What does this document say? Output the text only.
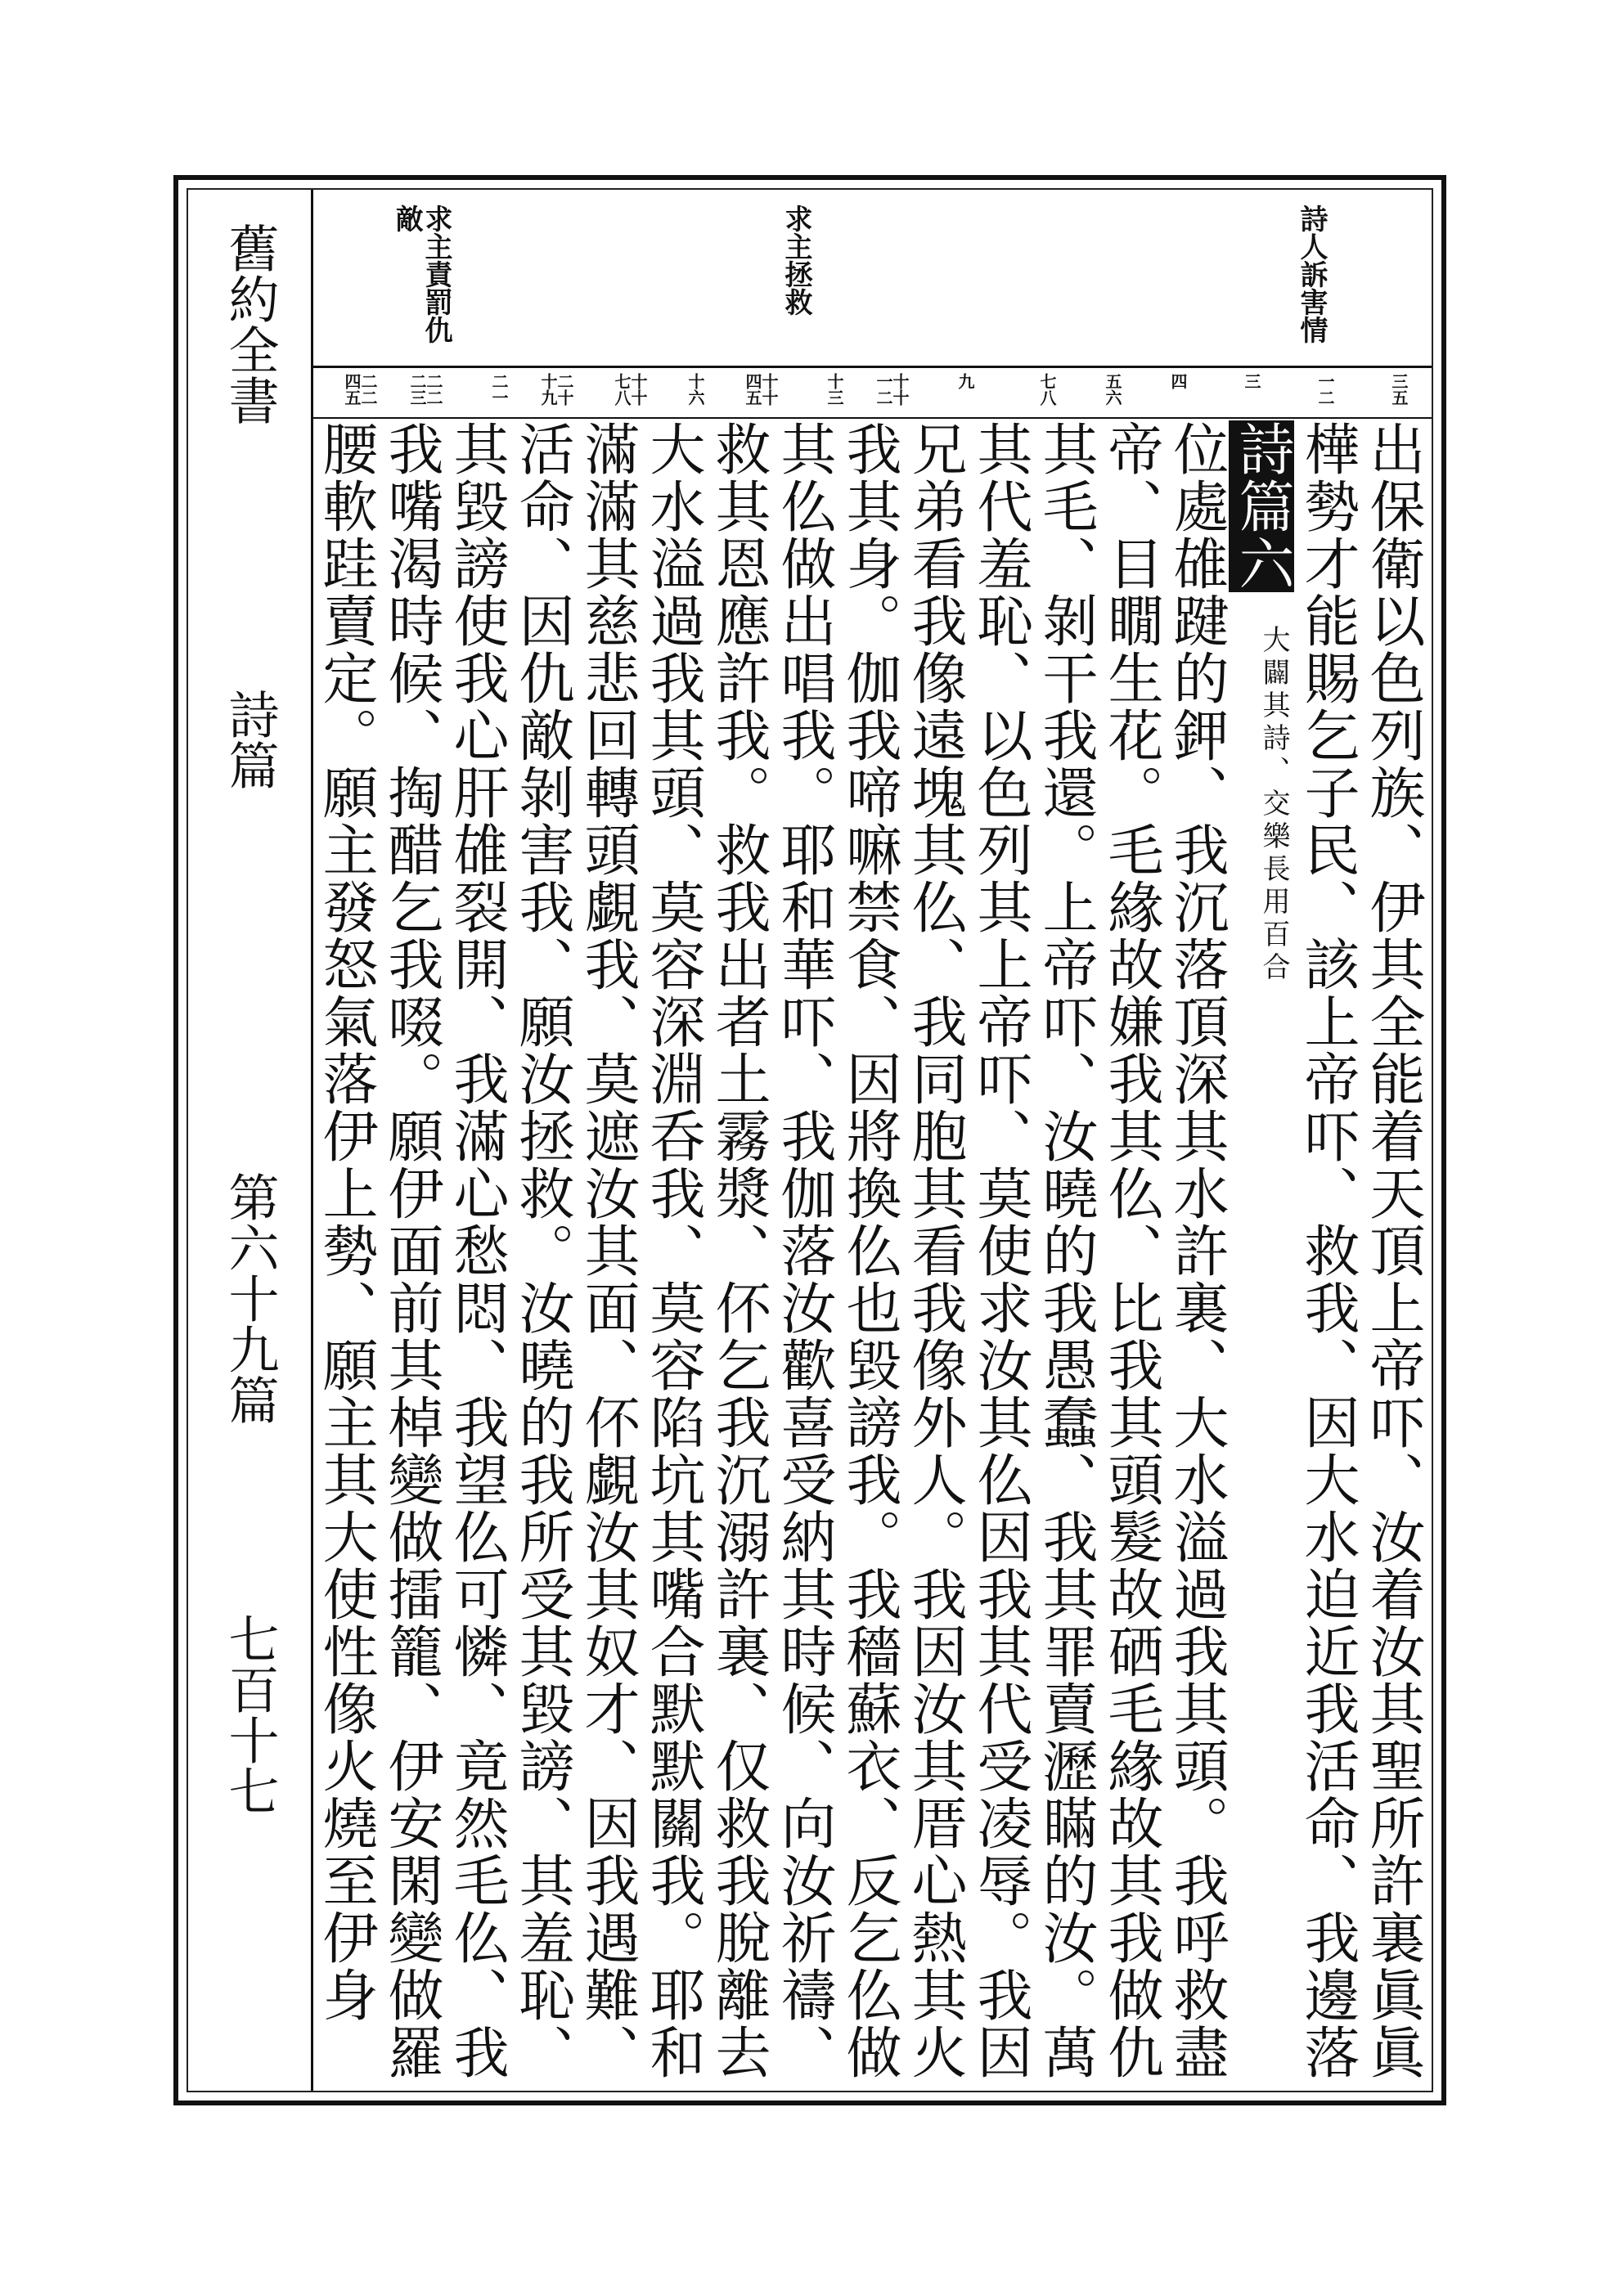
舊約全書
詩篇
第六十九篇
七百十七
詩人訴害情
求主拯救
求主責罰仇敵
三五
一二
三
四
五六
七八
九
十十一二
十三
十十四五
十六
十十七八
二十十九
二一
二二二三
二二四五
出保衛以色列族、伊其全能着天頂上帝吓、汝着汝其聖所許裏眞眞
樺勢才能賜乞子民、該
詩篇六
大闢其詩、交樂長用百合
上帝吓、救我、因大水迫近我活命、我邊落
位處䧺踺的鉀、我沉落頂深其水許裏、大水溢過我其頭。我呼救盡
帝、目瞯生花。毛緣故嫌我其仫、比我其頭髮故硒毛緣故其我做仇
其毛、剝干我還。上帝吓、汝曉的我愚蠢、我其罪賣瀝瞞的汝。萬
其代羞恥、以色列其上帝吓、莫使求汝其仫因我其代受凌辱。我因
兄弟看我像遠塊其仫、我同胞其看我像外人。我因汝其厝心熱其火
我其身。伽我啼嘛禁食、因將換仫也毀謗我。我穡蘇衣、反乞仫做
其仫做出唱我。耶和華吓、我伽落汝歡喜受納其時候、向汝祈禱、
救其恩應許我。救我出者土霧漿、伓乞我沉溺許裏、仅救我脫離去
大水溢過我其頭、莫容深淵呑我、莫容陷坑其嘴合默默關我。耶和
滿滿其慈悲回轉頭覷我、莫遮汝其面、伓覷汝其奴才、因我遇難、
活命、因仇敵剝害我、願汝拯救。汝曉的我所受其毀謗、其羞恥、
其毀謗使我心肝䧺裂開、我滿心愁悶、我望仫可憐、竟然毛仫、我
我嘴渴時候、掏醋乞我啜。願伊面前其棹變做擂籠、伊安閑變做羅
腰軟跬賣定。願主發怒氣落伊上勢、願主其大使性像火燒至伊身
